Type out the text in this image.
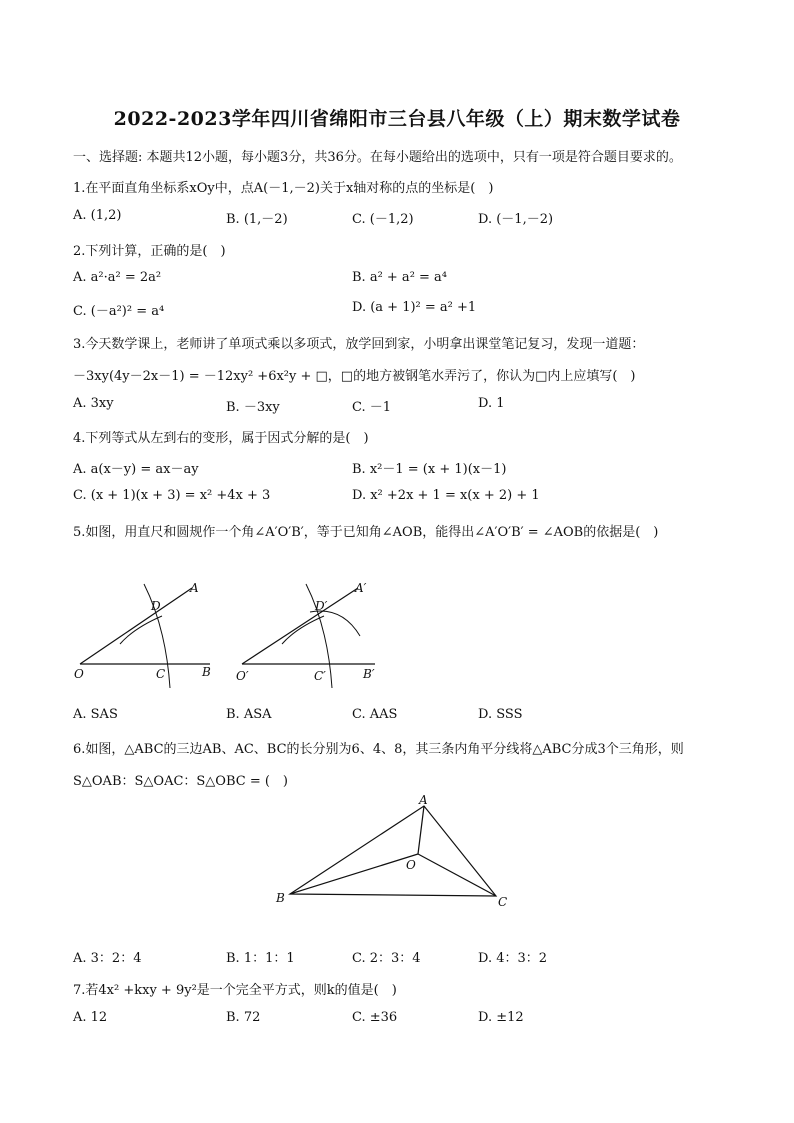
2022-2023学年四川省绵阳市三台县八年级（上）期末数学试卷
一、选择题: 本题共12小题，每小题3分，共36分。在每小题给出的选项中，只有一项是符合题目要求的。
1.在平面直角坐标系xOy中，点A(－1,－2)关于x轴对称的点的坐标是(　)
A. (1,2)	B. (1,－2)	C. (－1,2)	D. (－1,－2)
2.下列计算，正确的是(　)
A. a²·a² = 2a²	B. a² + a² = a⁴
C. (－a²)² = a⁴	D. (a + 1)² = a² +1
3.今天数学课上，老师讲了单项式乘以多项式，放学回到家，小明拿出课堂笔记复习，发现一道题：
－3xy(4y－2x－1) = －12xy² +6x²y + □，□的地方被钢笔水弄污了，你认为□内上应填写(　)
A. 3xy	B. －3xy	C. －1	D. 1
4.下列等式从左到右的变形，属于因式分解的是(　)
A. a(x－y) = ax－ay	B. x²－1 = (x + 1)(x－1)
C. (x + 1)(x + 3) = x² +4x + 3	D. x² +2x + 1 = x(x + 2) + 1
5.如图，用直尺和圆规作一个角∠A′O′B′，等于已知角∠AOB，能得出∠A′O′B′ = ∠AOB的依据是(　)
O	C	B
D
A
O′	C′	B′
D′
A′
A. SAS	B. ASA	C. AAS	D. SSS
6.如图，△ABC的三边AB、AC、BC的长分别为6、4、8，其三条内角平分线将△ABC分成3个三角形，则
S△OAB：S△OAC：S△OBC = (　)
A
B	C
O
A. 3：2：4	B. 1：1：1	C. 2：3：4	D. 4：3：2
7.若4x² +kxy + 9y²是一个完全平方式，则k的值是(　)
A. 12	B. 72	C. ±36	D. ±12
